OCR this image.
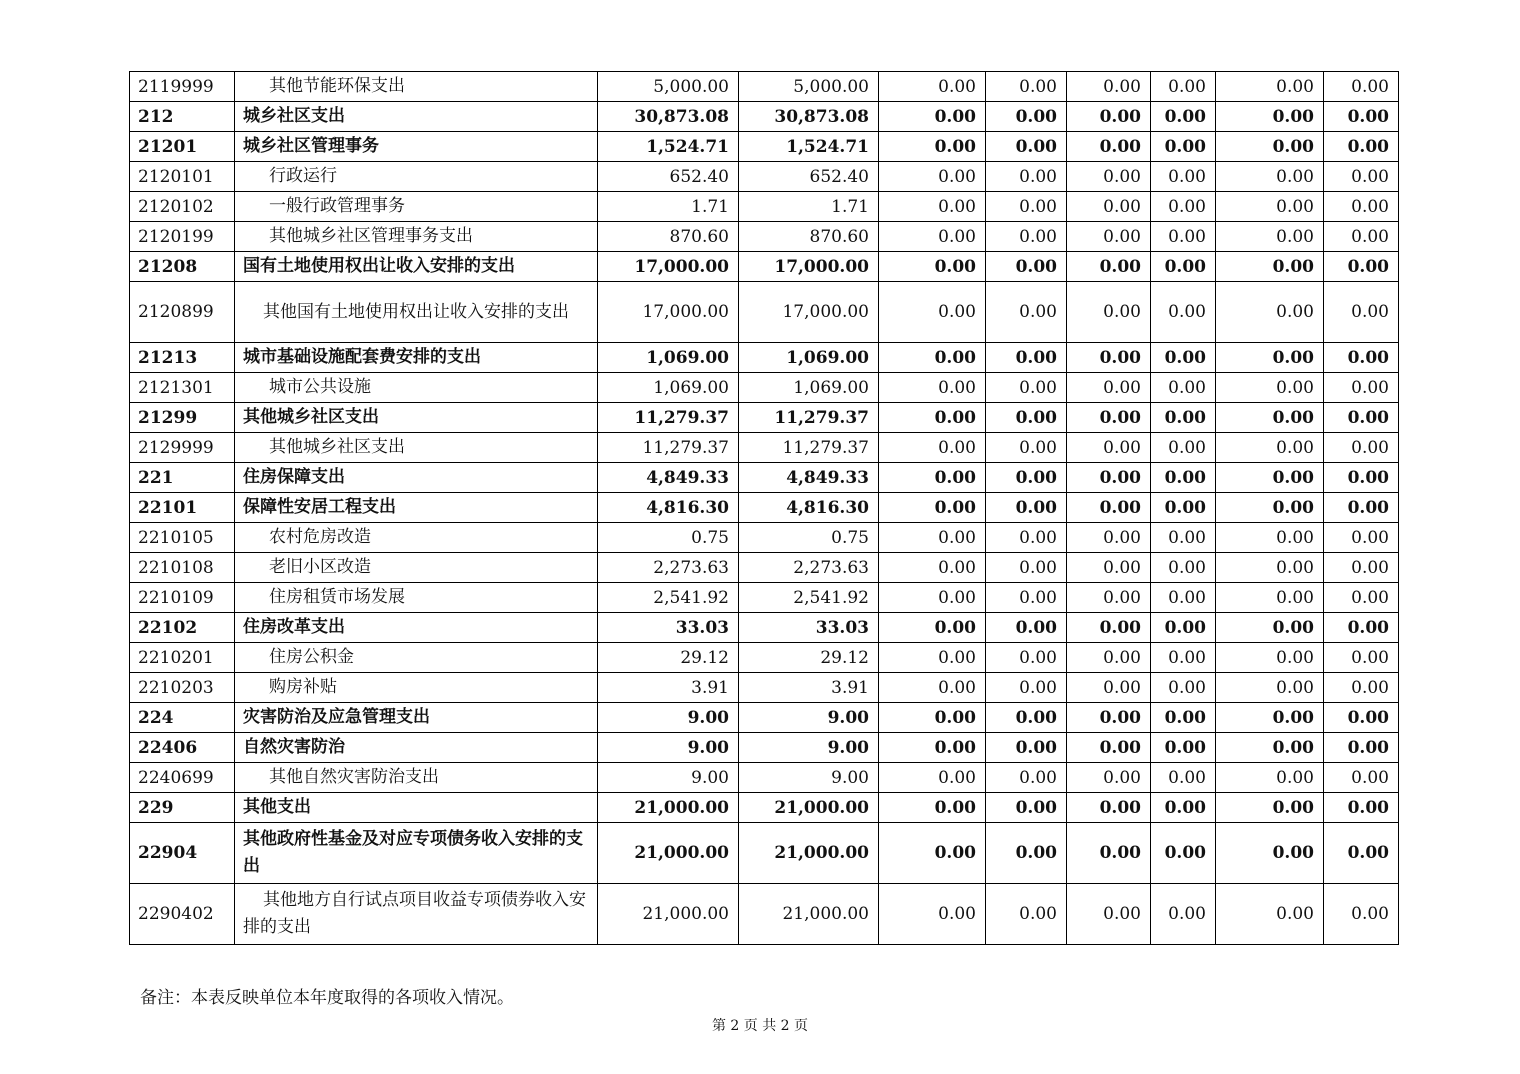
2119999	其他节能环保支出	5,000.00	5,000.00	0.00	0.00	0.00	0.00	0.00	0.00
212	城乡社区支出	30,873.08	30,873.08	0.00	0.00	0.00	0.00	0.00	0.00
21201	城乡社区管理事务	1,524.71	1,524.71	0.00	0.00	0.00	0.00	0.00	0.00
2120101	行政运行	652.40	652.40	0.00	0.00	0.00	0.00	0.00	0.00
2120102	一般行政管理事务	1.71	1.71	0.00	0.00	0.00	0.00	0.00	0.00
2120199	其他城乡社区管理事务支出	870.60	870.60	0.00	0.00	0.00	0.00	0.00	0.00
21208	国有土地使用权出让收入安排的支出	17,000.00	17,000.00	0.00	0.00	0.00	0.00	0.00	0.00
2120899	其他国有土地使用权出让收入安排的支出	17,000.00	17,000.00	0.00	0.00	0.00	0.00	0.00	0.00
21213	城市基础设施配套费安排的支出	1,069.00	1,069.00	0.00	0.00	0.00	0.00	0.00	0.00
2121301	城市公共设施	1,069.00	1,069.00	0.00	0.00	0.00	0.00	0.00	0.00
21299	其他城乡社区支出	11,279.37	11,279.37	0.00	0.00	0.00	0.00	0.00	0.00
2129999	其他城乡社区支出	11,279.37	11,279.37	0.00	0.00	0.00	0.00	0.00	0.00
221	住房保障支出	4,849.33	4,849.33	0.00	0.00	0.00	0.00	0.00	0.00
22101	保障性安居工程支出	4,816.30	4,816.30	0.00	0.00	0.00	0.00	0.00	0.00
2210105	农村危房改造	0.75	0.75	0.00	0.00	0.00	0.00	0.00	0.00
2210108	老旧小区改造	2,273.63	2,273.63	0.00	0.00	0.00	0.00	0.00	0.00
2210109	住房租赁市场发展	2,541.92	2,541.92	0.00	0.00	0.00	0.00	0.00	0.00
22102	住房改革支出	33.03	33.03	0.00	0.00	0.00	0.00	0.00	0.00
2210201	住房公积金	29.12	29.12	0.00	0.00	0.00	0.00	0.00	0.00
2210203	购房补贴	3.91	3.91	0.00	0.00	0.00	0.00	0.00	0.00
224	灾害防治及应急管理支出	9.00	9.00	0.00	0.00	0.00	0.00	0.00	0.00
22406	自然灾害防治	9.00	9.00	0.00	0.00	0.00	0.00	0.00	0.00
2240699	其他自然灾害防治支出	9.00	9.00	0.00	0.00	0.00	0.00	0.00	0.00
229	其他支出	21,000.00	21,000.00	0.00	0.00	0.00	0.00	0.00	0.00
22904	其他政府性基金及对应专项债务收入安排的支出	21,000.00	21,000.00	0.00	0.00	0.00	0.00	0.00	0.00
2290402	其他地方自行试点项目收益专项债券收入安排的支出	21,000.00	21,000.00	0.00	0.00	0.00	0.00	0.00	0.00
备注：本表反映单位本年度取得的各项收入情况。
第 2 页 共 2 页
